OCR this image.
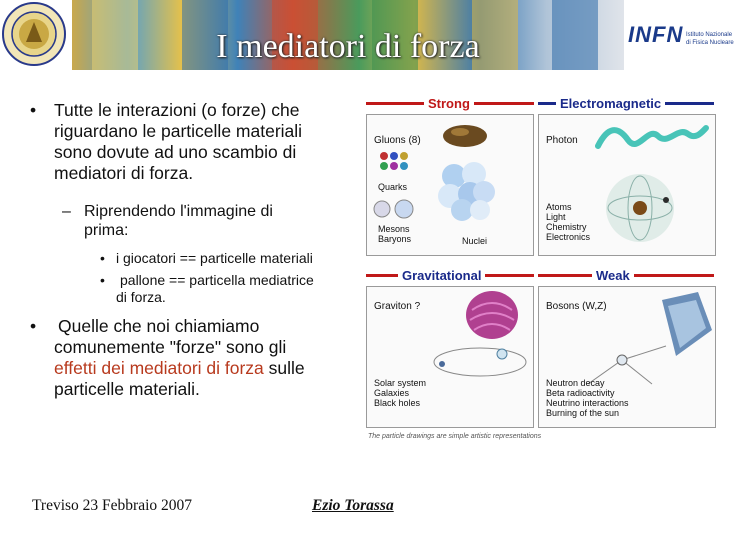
I mediatori di forza	INFN Istituto Nazionale
di Fisica Nucleare
• Tutte le interazioni (o forze) che
riguardano le particelle materiali
sono dovute ad uno scambio di
mediatori di forza.
– Riprendendo l'immagine di
prima:
• i giocatori == particelle materiali
• pallone == particella mediatrice
di forza.
• Quelle che noi chiamiamo
comunemente "forze" sono gli
effetti dei mediatori di forza sulle
particelle materiali.
Strong
Gluons (8)
Quarks
Mesons
Baryons	Nuclei
Electromagnetic
Photon
Atoms
Light
Chemistry
Electronics
Gravitational
Graviton ?
Solar system
Galaxies
Black holes
Weak
Bosons (W,Z)
Neutron decay
Beta radioactivity
Neutrino interactions
Burning of the sun
The particle drawings are simple artistic representations
Treviso 23 Febbraio 2007	Ezio Torassa
